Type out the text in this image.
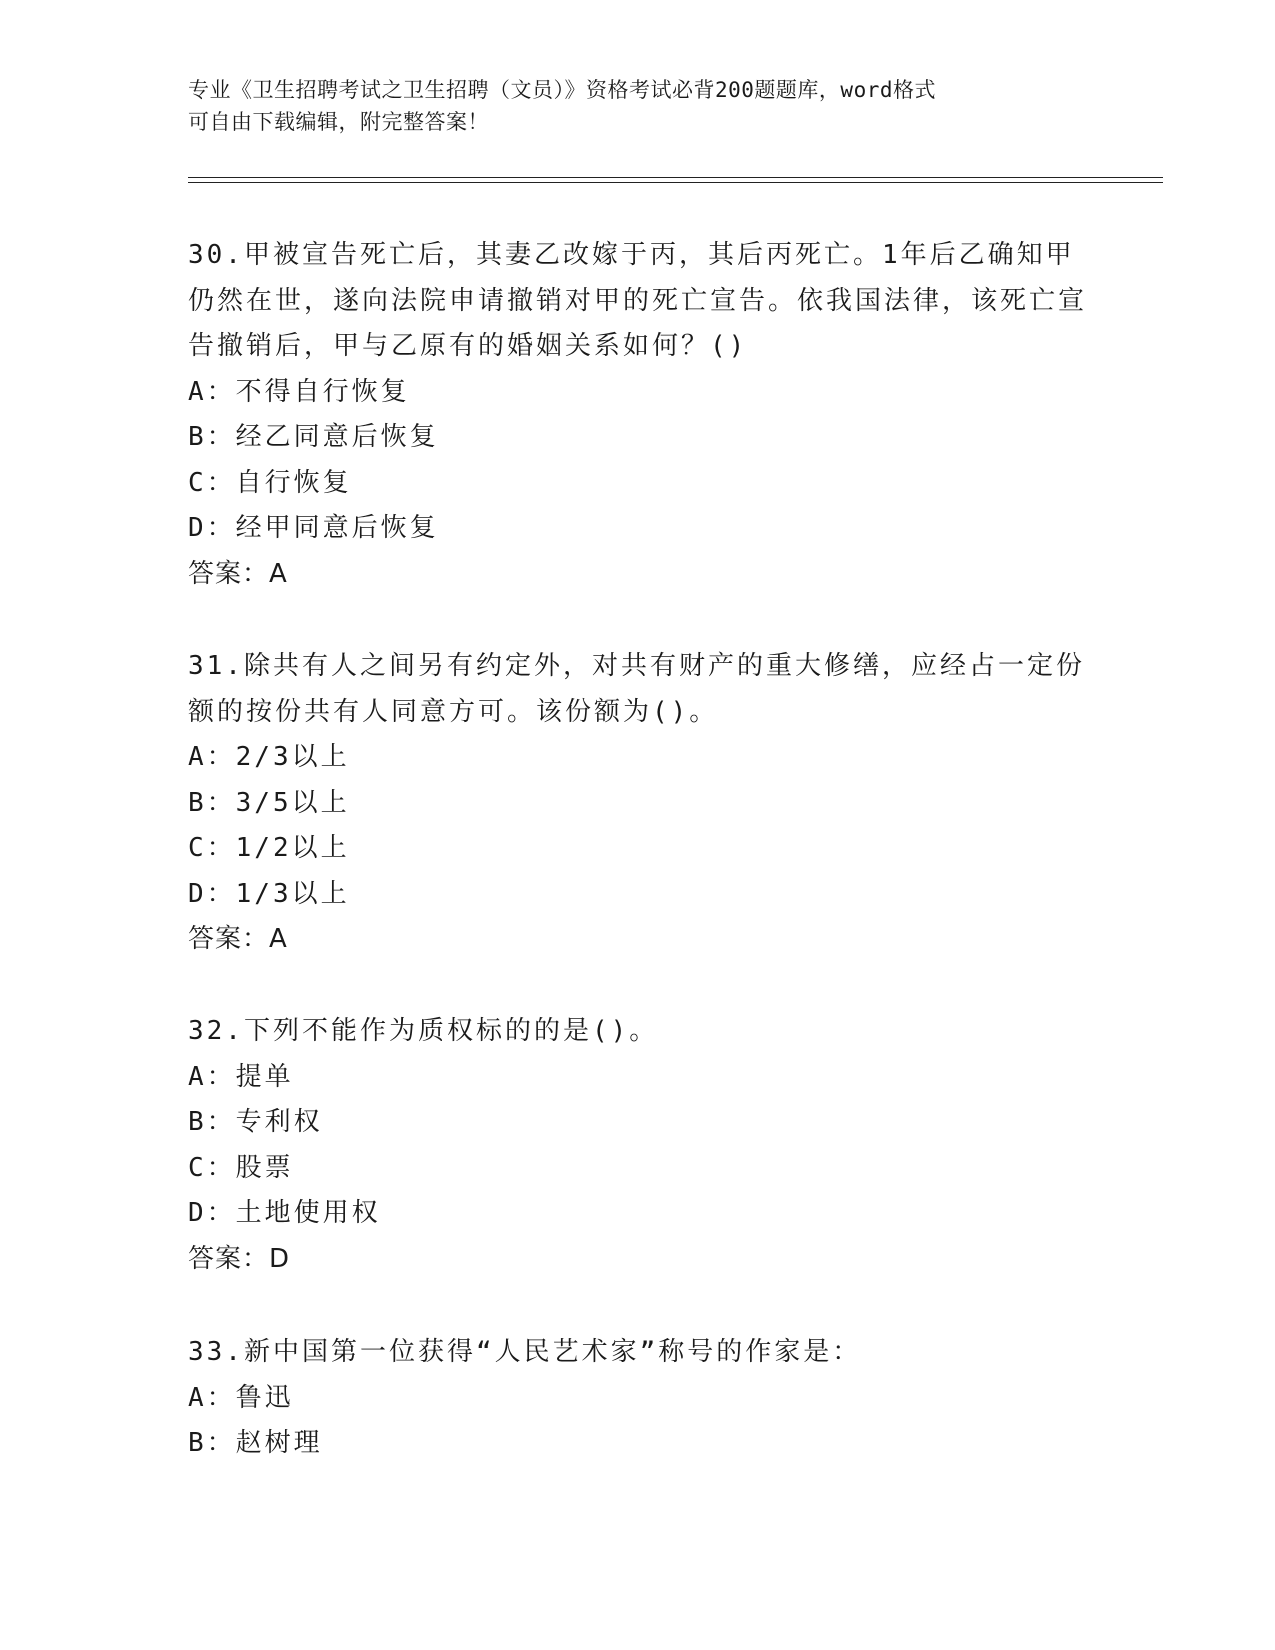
专业《卫生招聘考试之卫生招聘（文员）》资格考试必背200题题库，word格式
可自由下载编辑，附完整答案！

30.甲被宣告死亡后，其妻乙改嫁于丙，其后丙死亡。1年后乙确知甲仍然在世，遂向法院申请撤销对甲的死亡宣告。依我国法律，该死亡宣告撤销后，甲与乙原有的婚姻关系如何？()

A：不得自行恢复

B：经乙同意后恢复

C：自行恢复

D：经甲同意后恢复

答案：A

31.除共有人之间另有约定外，对共有财产的重大修缮，应经占一定份额的按份共有人同意方可。该份额为()。

A：2/3以上

B：3/5以上

C：1/2以上

D：1/3以上

答案：A

32.下列不能作为质权标的的是()。

A：提单

B：专利权

C：股票

D：土地使用权

答案：D

33.新中国第一位获得“人民艺术家”称号的作家是：

A：鲁迅

B：赵树理
